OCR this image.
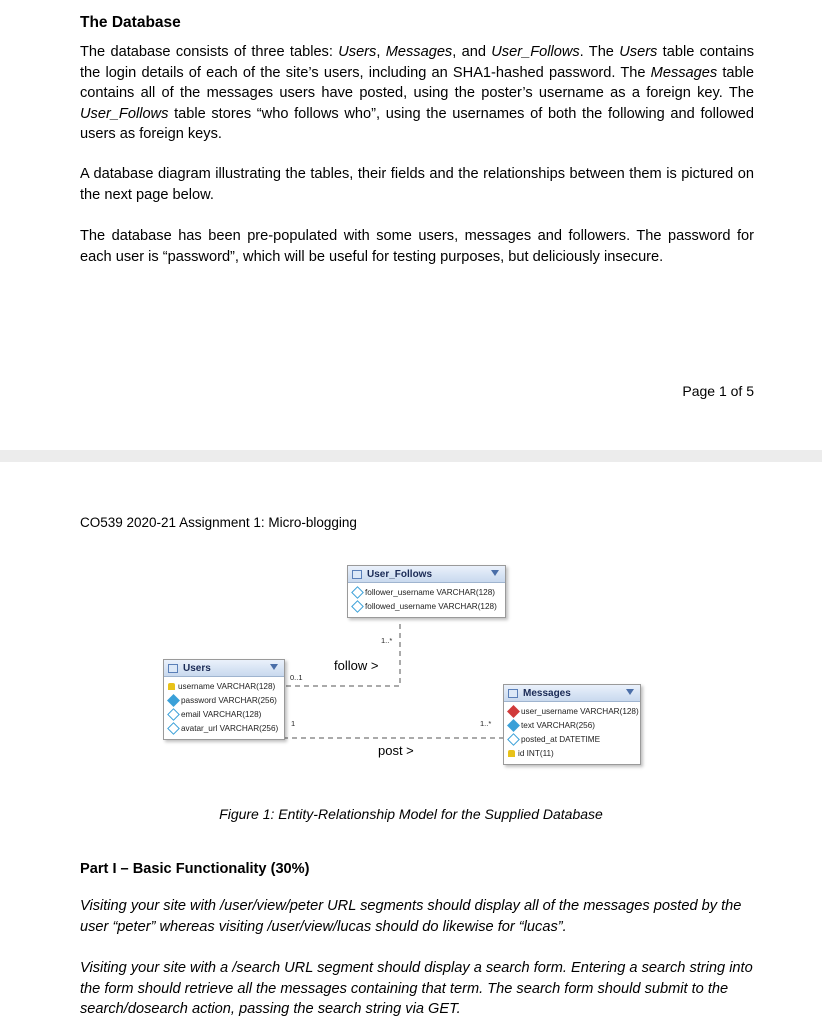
The Database

The database consists of three tables: Users, Messages, and User_Follows. The Users table contains the login details of each of the site’s users, including an SHA1-hashed password. The Messages table contains all of the messages users have posted, using the poster’s username as a foreign key. The User_Follows table stores “who follows who”, using the usernames of both the following and followed users as foreign keys.

A database diagram illustrating the tables, their fields and the relationships between them is pictured on the next page below.

The database has been pre-populated with some users, messages and followers. The password for each user is “password”, which will be useful for testing purposes, but deliciously insecure.

Page 1 of 5
CO539 2020-21 Assignment 1: Micro-blogging
User_Follows
follower_username VARCHAR(128)
followed_username VARCHAR(128)
Users
username VARCHAR(128)
password VARCHAR(256)
email VARCHAR(128)
avatar_url VARCHAR(256)
Messages
user_username VARCHAR(128)
text VARCHAR(256)
posted_at DATETIME
id INT(11)
1..*
0..1
1	1..*
follow >
post >
Figure 1: Entity-Relationship Model for the Supplied Database
Part I – Basic Functionality (30%)

Visiting your site with /user/view/peter URL segments should display all of the messages posted by the user “peter” whereas visiting /user/view/lucas should do likewise for “lucas”.

Visiting your site with a /search URL segment should display a search form. Entering a search string into the form should retrieve all the messages containing that term. The search form should submit to the search/dosearch action, passing the search string via GET.
